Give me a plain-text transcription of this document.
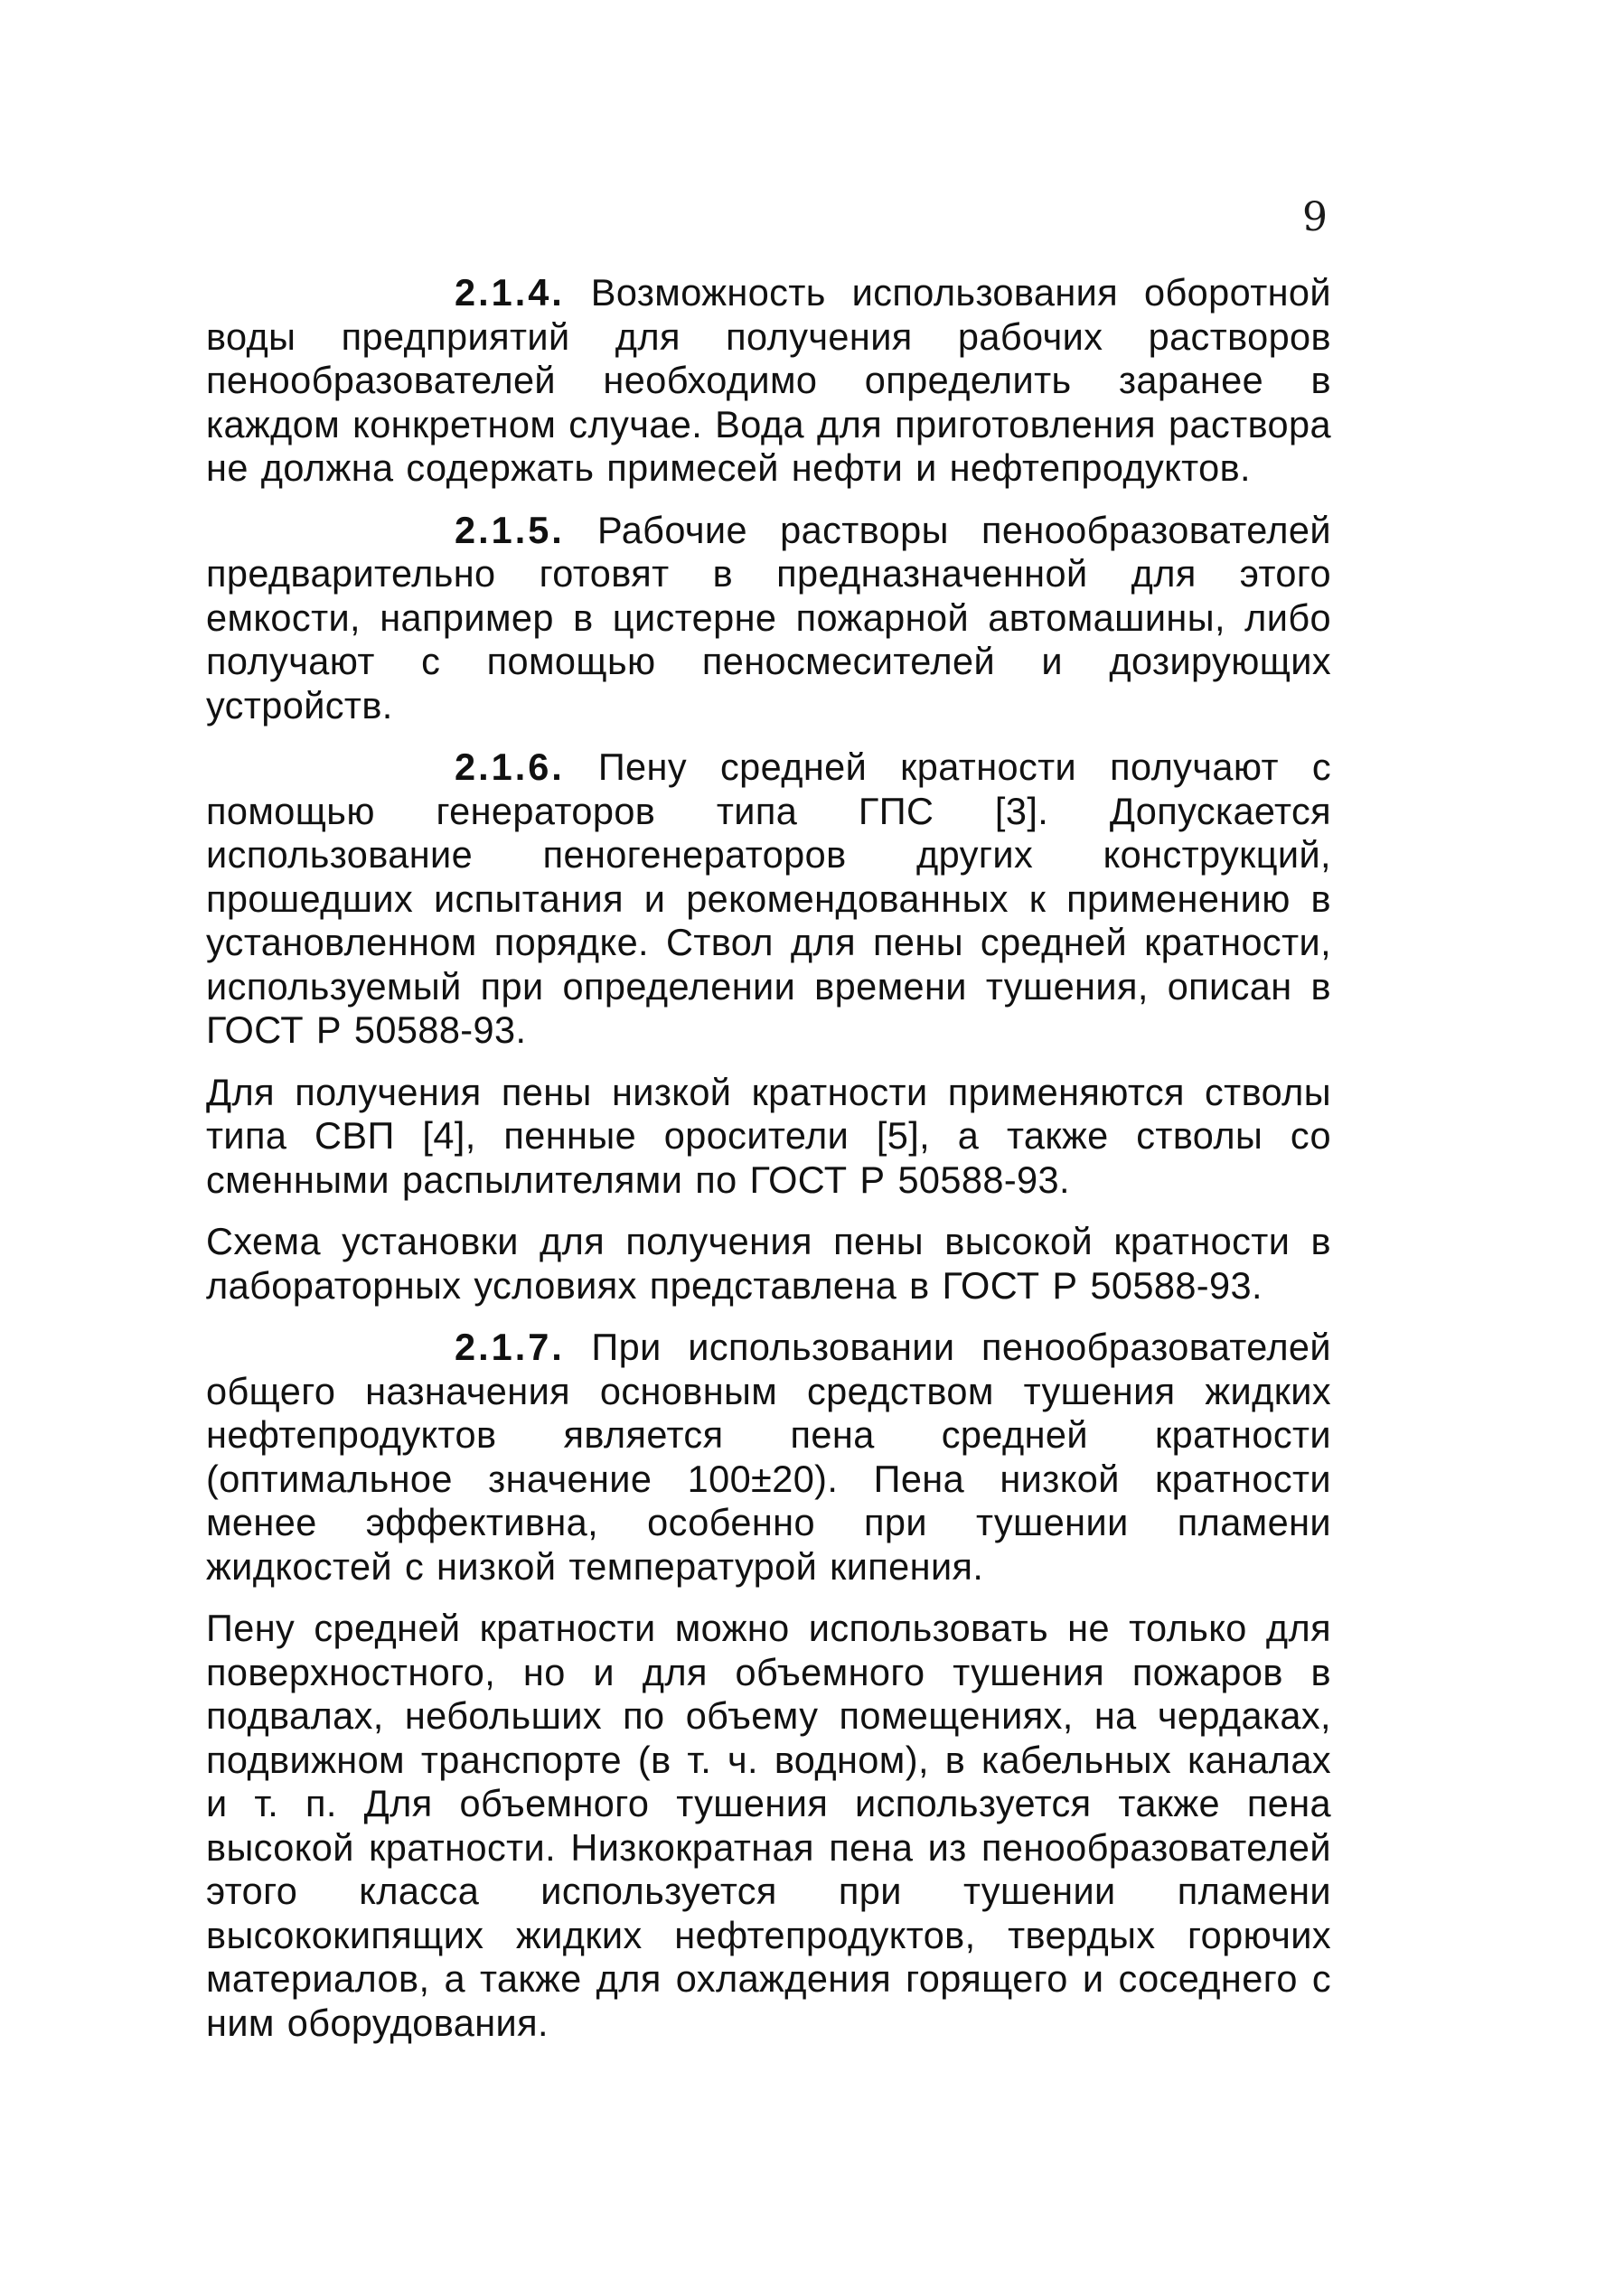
9

2.1.4. Возможность использования оборотной воды предприятий для получения рабочих растворов пенообразователей необходимо определить заранее в каждом конкретном случае. Вода для приготовления раствора не должна содержать примесей нефти и нефтепродуктов.

2.1.5. Рабочие растворы пенообразователей предварительно готовят в предназначенной для этого емкости, например в цистерне пожарной автомашины, либо получают с помощью пеносмесителей и дозирующих устройств.

2.1.6. Пену средней кратности получают с помощью генераторов типа ГПС [3]. Допускается использование пеногенераторов других конструкций, прошедших испытания и рекомендованных к применению в установленном порядке. Ствол для пены средней кратности, используемый при определении времени тушения, описан в ГОСТ Р 50588-93.

Для получения пены низкой кратности применяются стволы типа СВП [4], пенные оросители [5], а также стволы со сменными распылителями по ГОСТ Р 50588-93.

Схема установки для получения пены высокой кратности в лабораторных условиях представлена в ГОСТ Р 50588-93.

2.1.7. При использовании пенообразователей общего назначения основным средством тушения жидких нефтепродуктов является пена средней кратности (оптимальное значение 100±20). Пена низкой кратности менее эффективна, особенно при тушении пламени жидкостей с низкой температурой кипения.

Пену средней кратности можно использовать не только для поверхностного, но и для объемного тушения пожаров в подвалах, небольших по объему помещениях, на чердаках, подвижном транспорте (в т. ч. водном), в кабельных каналах и т. п. Для объемного тушения используется также пена высокой кратности. Низкократная пена из пенообразователей этого класса используется при тушении пламени высококипящих жидких нефтепродуктов, твердых горючих материалов, а также для охлаждения горящего и соседнего с ним оборудования.
